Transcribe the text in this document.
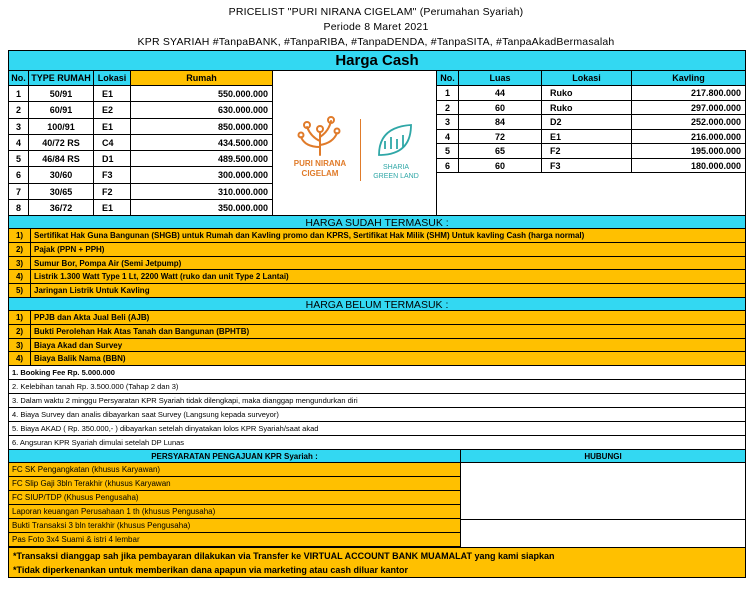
PRICELIST "PURI NIRANA CIGELAM" (Perumahan Syariah)
Periode 8 Maret 2021
KPR SYARIAH #TanpaBANK, #TanpaRIBA, #TanpaDENDA, #TanpaSITA, #TanpaAkadBermasalah
Harga Cash
No. TYPE RUMAH Lokasi	Rumah
1	50/91	E1	550.000.000
2	60/91	E2	630.000.000
3	100/91	E1	850.000.000
4	40/72 RS	C4	434.500.000
5	46/84 RS	D1	489.500.000
6	30/60	F3	300.000.000
7	30/65	F2	310.000.000
8	36/72	E1	350.000.000
PURI NIRANA
CIGELAM
SHARIA
GREEN LAND
No.	Luas	Lokasi	Kavling
1	44	Ruko	217.800.000
2	60	Ruko	297.000.000
3	84	D2	252.000.000
4	72	E1	216.000.000
5	65	F2	195.000.000
6	60	F3	180.000.000
HARGA SUDAH TERMASUK :
1)	Sertifikat Hak Guna Bangunan (SHGB) untuk Rumah dan Kavling promo dan KPRS, Sertifikat Hak Milik (SHM) Untuk kavling Cash (harga normal)
2)	Pajak (PPN + PPH)
3)	Sumur Bor, Pompa Air (Semi Jetpump)
4)	Listrik 1.300 Watt Type 1 Lt, 2200 Watt (ruko dan unit Type 2 Lantai)
5)	Jaringan Listrik Untuk Kavling
HARGA BELUM TERMASUK :
1)	PPJB dan Akta Jual Beli (AJB)
2)	Bukti Perolehan Hak Atas Tanah dan Bangunan (BPHTB)
3)	Biaya Akad dan Survey
4)	Biaya Balik Nama (BBN)
1. Booking Fee Rp. 5.000.000
2. Kelebihan tanah Rp. 3.500.000 (Tahap 2 dan 3)
3. Dalam waktu 2 minggu Persyaratan KPR Syariah tidak dilengkapi, maka dianggap mengundurkan diri
4. Biaya Survey dan analis dibayarkan saat Survey (Langsung kepada surveyor)
5. Biaya AKAD ( Rp. 350.000,- ) dibayarkan setelah dinyatakan lolos KPR Syariah/saat akad
6. Angsuran KPR Syariah dimulai setelah DP Lunas
PERSYARATAN PENGAJUAN KPR Syariah :	HUBUNGI
FC SK Pengangkatan (khusus Karyawan)
FC Slip Gaji 3bln Terakhir (khusus Karyawan
FC SIUP/TDP (Khusus Pengusaha)
Laporan keuangan Perusahaan 1 th (khusus Pengusaha)
Bukti Transaksi 3 bln terakhir (khusus Pengusaha)
Pas Foto 3x4 Suami & istri 4 lembar
*Transaksi dianggap sah jika pembayaran dilakukan via Transfer ke VIRTUAL ACCOUNT BANK MUAMALAT yang kami siapkan
*Tidak diperkenankan untuk memberikan dana apapun via marketing atau cash diluar kantor
